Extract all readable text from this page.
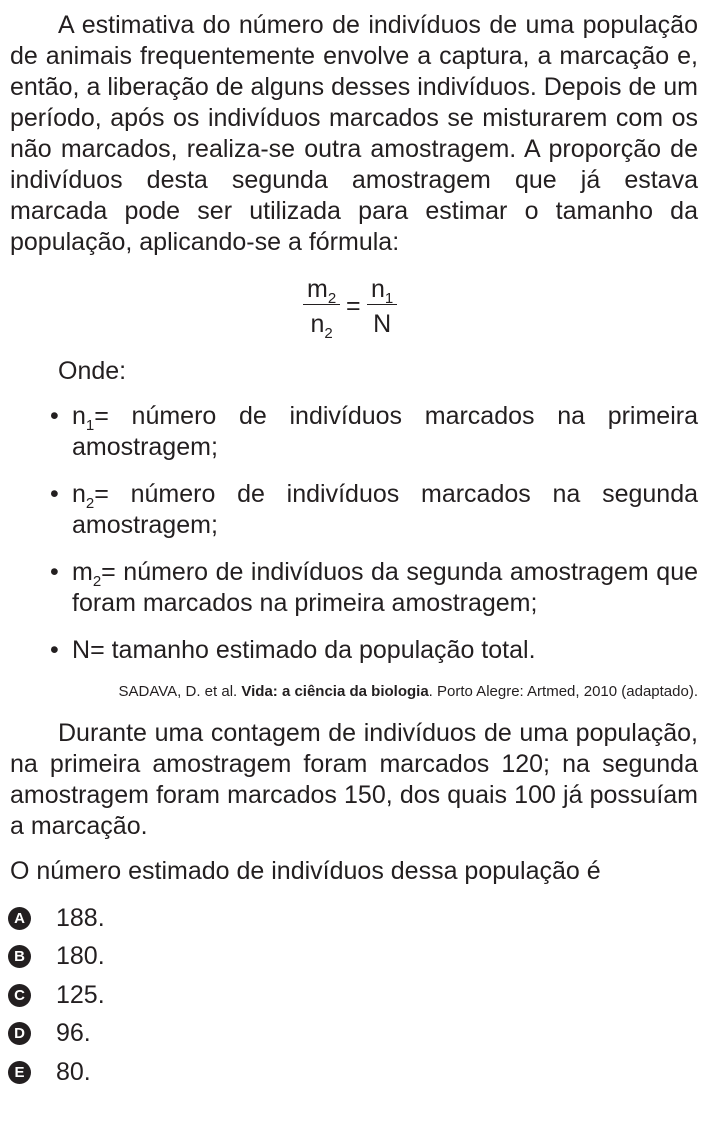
A estimativa do número de indivíduos de uma população de animais frequentemente envolve a captura, a marcação e, então, a liberação de alguns desses indivíduos. Depois de um período, após os indivíduos marcados se misturarem com os não marcados, realiza-se outra amostragem. A proporção de indivíduos desta segunda amostragem que já estava marcada pode ser utilizada para estimar o tamanho da população, aplicando-se a fórmula:

$\frac{m_2}{n_2} = \frac{n_1}{N}$

Onde:

• $n_1=$ número de indivíduos marcados na primeira amostragem;
• $n_2=$ número de indivíduos marcados na segunda amostragem;
• $m_2=$ número de indivíduos da segunda amostragem que foram marcados na primeira amostragem;
• N= tamanho estimado da população total.

SADAVA, D. et al. Vida: a ciência da biologia. Porto Alegre: Artmed, 2010 (adaptado).

Durante uma contagem de indivíduos de uma população, na primeira amostragem foram marcados 120; na segunda amostragem foram marcados 150, dos quais 100 já possuíam a marcação.

O número estimado de indivíduos dessa população é

A 188.
B 180.
C 125.
D 96.
E 80.
